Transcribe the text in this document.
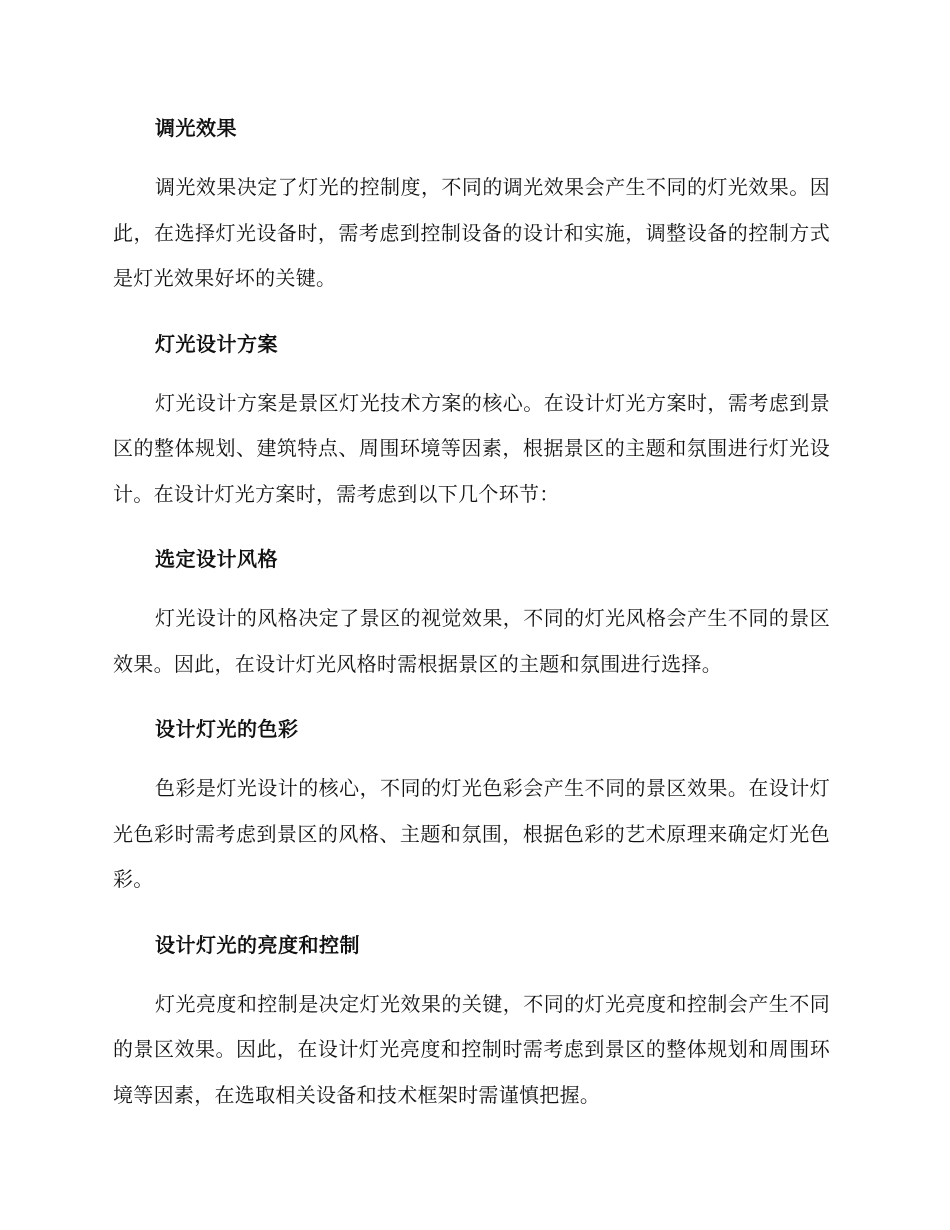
调光效果

调光效果决定了灯光的控制度，不同的调光效果会产生不同的灯光效果。因此，在选择灯光设备时，需考虑到控制设备的设计和实施，调整设备的控制方式是灯光效果好坏的关键。

灯光设计方案

灯光设计方案是景区灯光技术方案的核心。在设计灯光方案时，需考虑到景区的整体规划、建筑特点、周围环境等因素，根据景区的主题和氛围进行灯光设计。在设计灯光方案时，需考虑到以下几个环节：

选定设计风格

灯光设计的风格决定了景区的视觉效果，不同的灯光风格会产生不同的景区效果。因此，在设计灯光风格时需根据景区的主题和氛围进行选择。

设计灯光的色彩

色彩是灯光设计的核心，不同的灯光色彩会产生不同的景区效果。在设计灯光色彩时需考虑到景区的风格、主题和氛围，根据色彩的艺术原理来确定灯光色彩。

设计灯光的亮度和控制

灯光亮度和控制是决定灯光效果的关键，不同的灯光亮度和控制会产生不同的景区效果。因此，在设计灯光亮度和控制时需考虑到景区的整体规划和周围环境等因素，在选取相关设备和技术框架时需谨慎把握。
